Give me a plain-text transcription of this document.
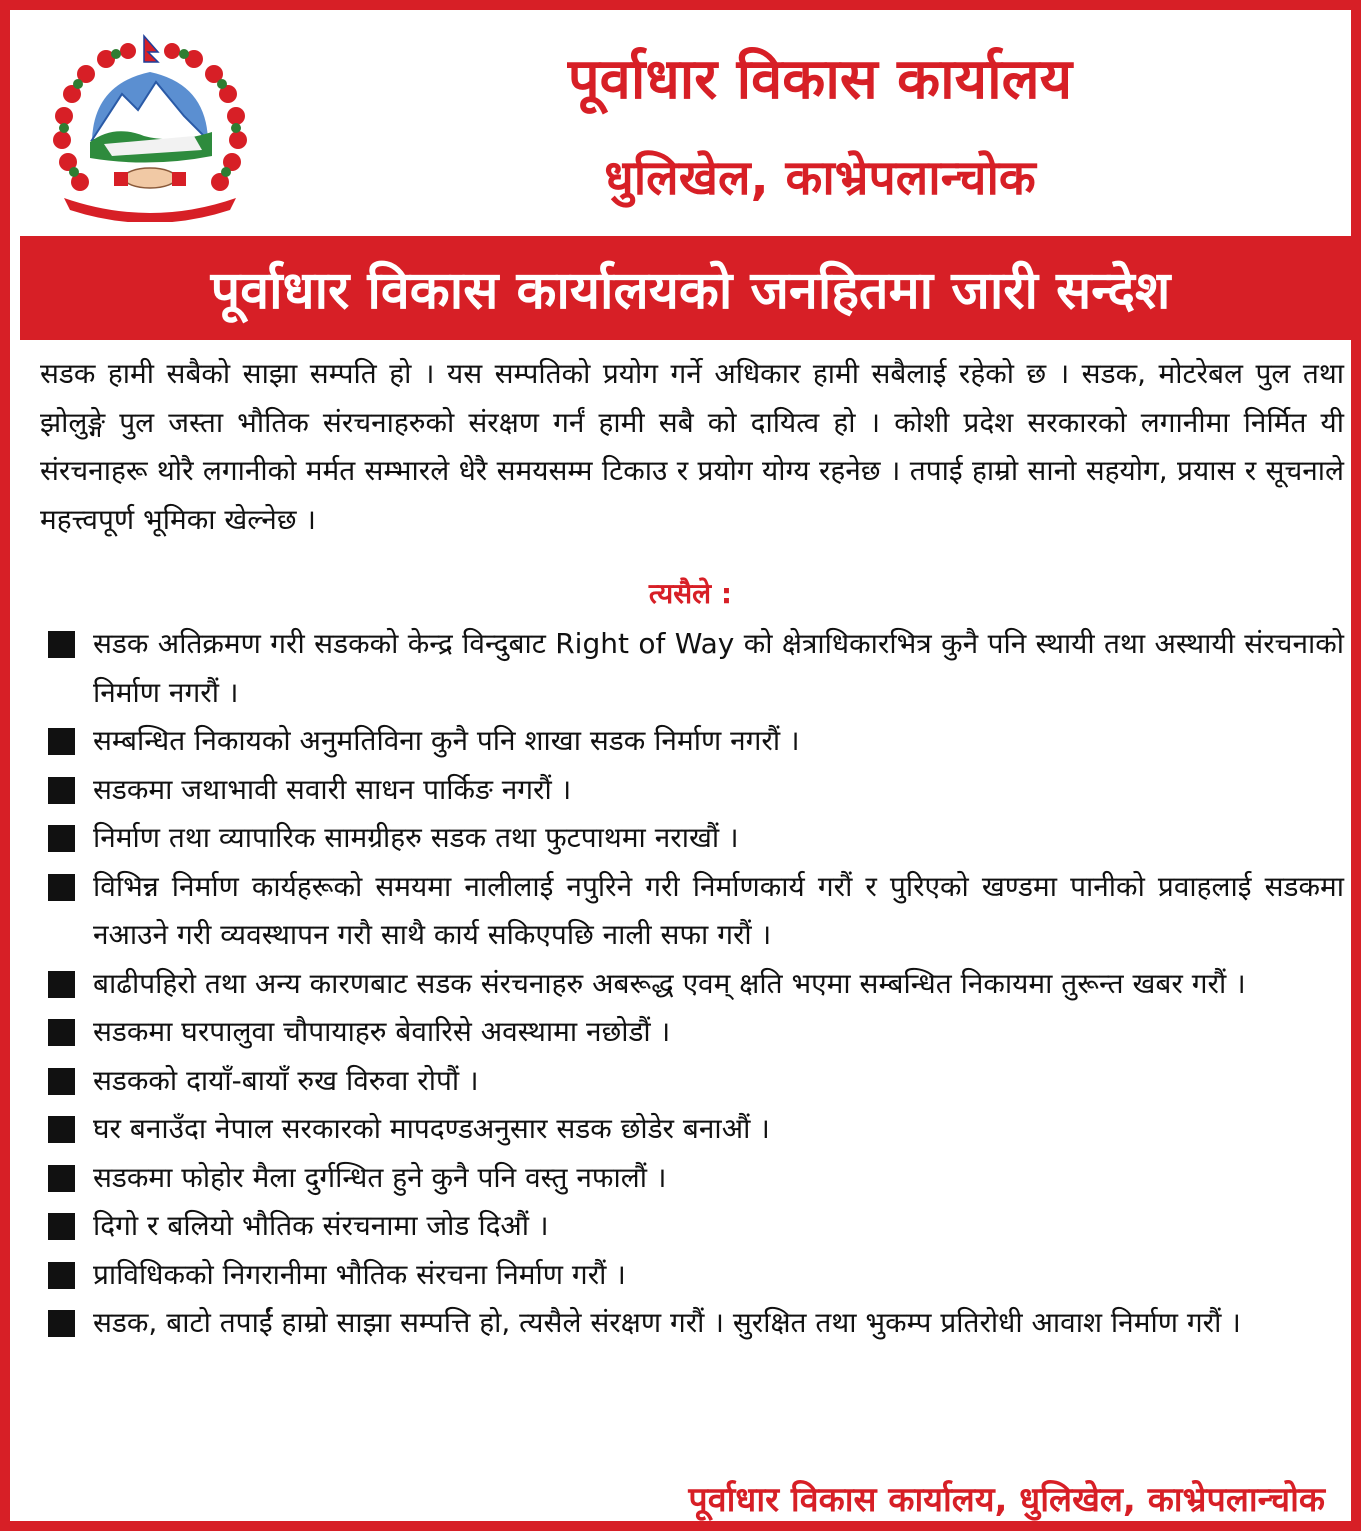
पूर्वाधार विकास कार्यालय
धुलिखेल, काभ्रेपलान्चोक
पूर्वाधार विकास कार्यालयको जनहितमा जारी सन्देश

सडक हामी सबैको साझा सम्पति हो । यस सम्पतिको प्रयोग गर्ने अधिकार हामी सबैलाई रहेको छ । सडक, मोटरेबल पुल तथा झोलुङ्गे पुल जस्ता भौतिक संरचनाहरुको संरक्षण गर्नं हामी सबै को दायित्व हो । कोशी प्रदेश सरकारको लगानीमा निर्मित यी संरचनाहरू थोरै लगानीको मर्मत सम्भारले धेरै समयसम्म टिकाउ र प्रयोग योग्य रहनेछ । तपाई हाम्रो सानो सहयोग, प्रयास र सूचनाले महत्त्वपूर्ण भूमिका खेल्नेछ ।

त्यसैले :
सडक अतिक्रमण गरी सडकको केन्द्र विन्दुबाट Right of Way को क्षेत्राधिकारभित्र कुनै पनि स्थायी तथा अस्थायी संरचनाको निर्माण नगरौं ।
सम्बन्धित निकायको अनुमतिविना कुनै पनि शाखा सडक निर्माण नगरौं ।
सडकमा जथाभावी सवारी साधन पार्किङ नगरौं ।
निर्माण तथा व्यापारिक सामग्रीहरु सडक तथा फुटपाथमा नराखौं ।
विभिन्न निर्माण कार्यहरूको समयमा नालीलाई नपुरिने गरी निर्माणकार्य गरौं र पुरिएको खण्डमा पानीको प्रवाहलाई सडकमा नआउने गरी व्यवस्थापन गरौ साथै कार्य सकिएपछि नाली सफा गरौं ।
बाढीपहिरो तथा अन्य कारणबाट सडक संरचनाहरु अबरूद्ध एवम् क्षति भएमा सम्बन्धित निकायमा तुरून्त खबर गरौं ।
सडकमा घरपालुवा चौपायाहरु बेवारिसे अवस्थामा नछोडौं ।
सडकको दायाँ-बायाँ रुख विरुवा रोपौं ।
घर बनाउँदा नेपाल सरकारको मापदण्डअनुसार सडक छोडेर बनाऔं ।
सडकमा फोहोर मैला दुर्गन्धित हुने कुनै पनि वस्तु नफालौं ।
दिगो र बलियो भौतिक संरचनामा जोड दिऔं ।
प्राविधिकको निगरानीमा भौतिक संरचना निर्माण गरौं ।
सडक, बाटो तपाईं हाम्रो साझा सम्पत्ति हो, त्यसैले संरक्षण गरौं । सुरक्षित तथा भुकम्प प्रतिरोधी आवाश निर्माण गरौं ।
पूर्वाधार विकास कार्यालय, धुलिखेल, काभ्रेपलान्चोक
